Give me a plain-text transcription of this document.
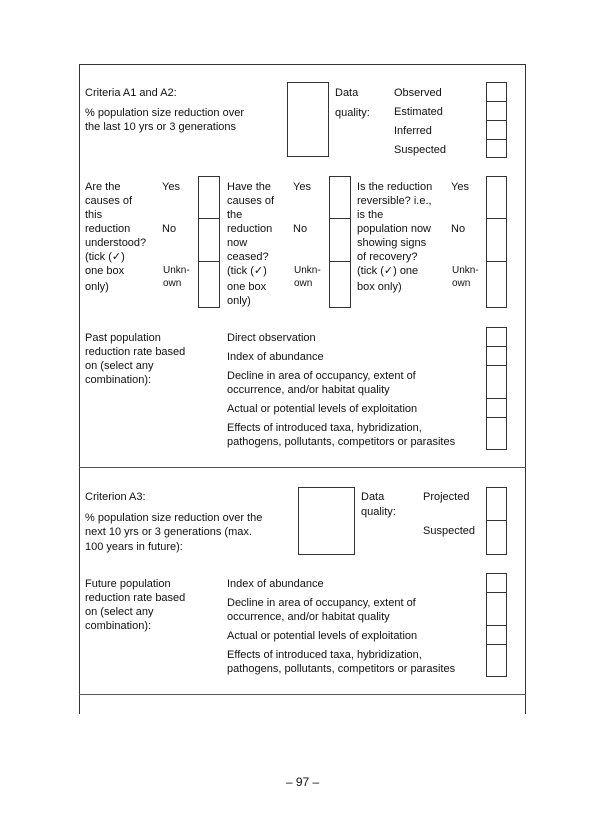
Criteria A1 and A2:
% population size reduction over
the last 10 yrs or 3 generations
Data
quality:
Observed
Estimated
Inferred
Suspected
Are the
causes of
this
reduction
understood?
(tick (✓)
one box
only)
Yes
No
Unkn-
own
Have the
causes of
the
reduction
now
ceased?
(tick (✓)
one box
only)
Yes
No
Unkn-
own
Is the reduction
reversible? i.e.,
is the
population now
showing signs
of recovery?
(tick (✓) one
box only)
Yes
No
Unkn-
own
Past population
reduction rate based
on (select any
combination):
Direct observation
Index of abundance
Decline in area of occupancy, extent of
occurrence, and/or habitat quality
Actual or potential levels of exploitation
Effects of introduced taxa, hybridization,
pathogens, pollutants, competitors or parasites
Criterion A3:
% population size reduction over the
next 10 yrs or 3 generations (max.
100 years in future):
Data
quality:
Projected
Suspected
Future population
reduction rate based
on (select any
combination):
Index of abundance
Decline in area of occupancy, extent of
occurrence, and/or habitat quality
Actual or potential levels of exploitation
Effects of introduced taxa, hybridization,
pathogens, pollutants, competitors or parasites
– 97 –
